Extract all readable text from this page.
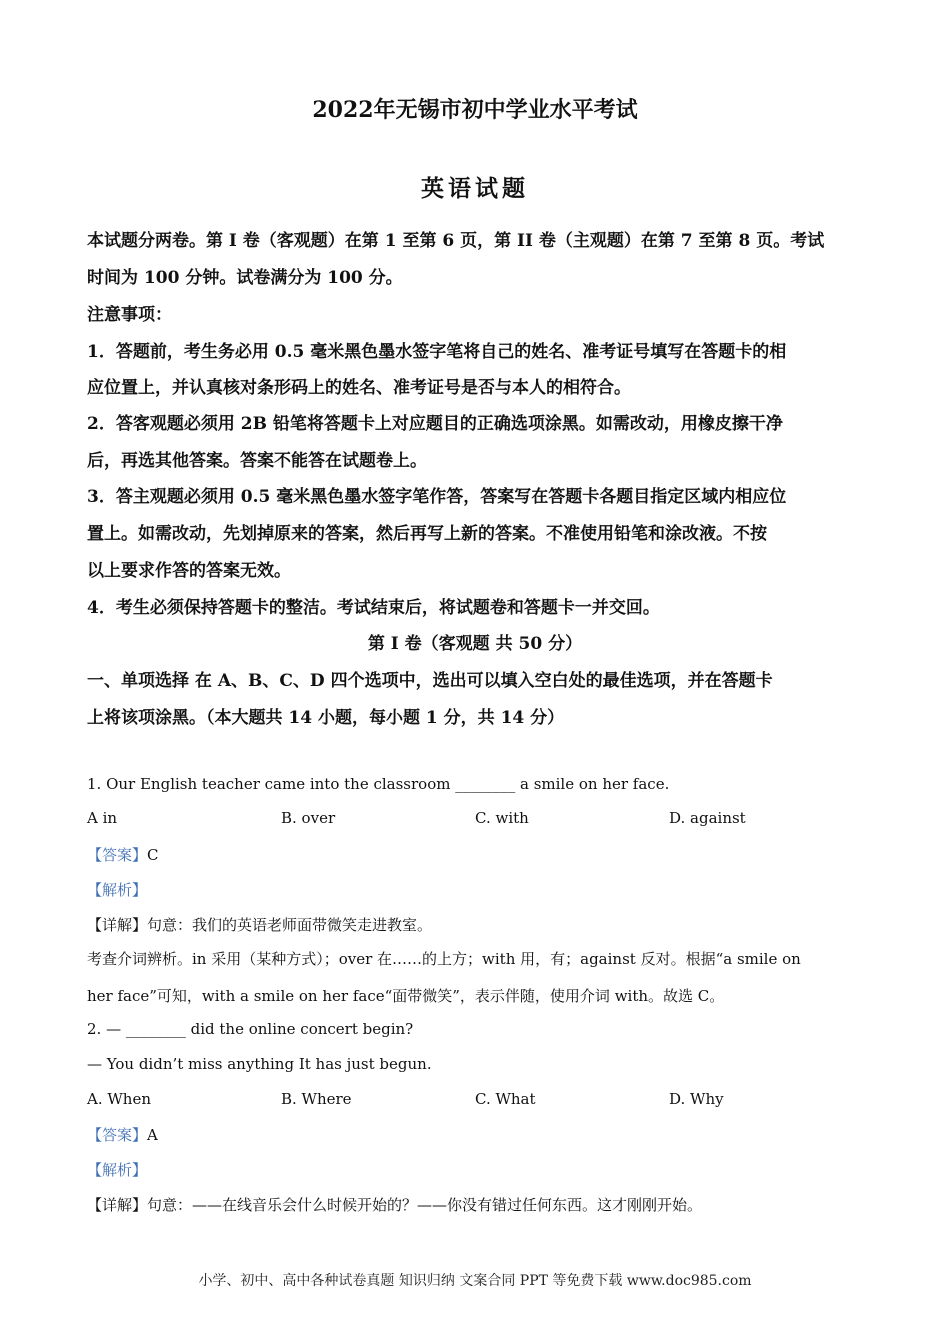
2022年无锡市初中学业水平考试
英语试题
本试题分两卷。第 I 卷（客观题）在第 1 至第 6 页，第 II 卷（主观题）在第 7 至第 8 页。考试
时间为 100 分钟。试卷满分为 100 分。
注意事项：
1．答题前，考生务必用 0.5 毫米黑色墨水签字笔将自己的姓名、准考证号填写在答题卡的相
应位置上，并认真核对条形码上的姓名、准考证号是否与本人的相符合。
2．答客观题必须用 2B 铅笔将答题卡上对应题目的正确选项涂黑。如需改动，用橡皮擦干净
后，再选其他答案。答案不能答在试题卷上。
3．答主观题必须用 0.5 毫米黑色墨水签字笔作答，答案写在答题卡各题目指定区域内相应位
置上。如需改动，先划掉原来的答案，然后再写上新的答案。不准使用铅笔和涂改液。不按
以上要求作答的答案无效。
4．考生必须保持答题卡的整洁。考试结束后，将试题卷和答题卡一并交回。
第 I 卷（客观题 共 50 分）
一、单项选择 在 A、B、C、D 四个选项中，选出可以填入空白处的最佳选项，并在答题卡
上将该项涂黑。（本大题共 14 小题，每小题 1 分，共 14 分）
1. Our English teacher came into the classroom ________ a smile on her face.
A in	B. over	C. with	D. against
【答案】C
【解析】
【详解】句意：我们的英语老师面带微笑走进教室。
考查介词辨析。in 采用（某种方式）；over 在……的上方；with 用，有；against 反对。根据“a smile on
her face”可知，with a smile on her face“面带微笑”，表示伴随，使用介词 with。故选 C。
2. — ________ did the online concert begin?
— You didn’t miss anything It has just begun.
A. When	B. Where	C. What	D. Why
【答案】A
【解析】
【详解】句意：——在线音乐会什么时候开始的？——你没有错过任何东西。这才刚刚开始。
小学、初中、高中各种试卷真题 知识归纳 文案合同 PPT 等免费下载 www.doc985.com
